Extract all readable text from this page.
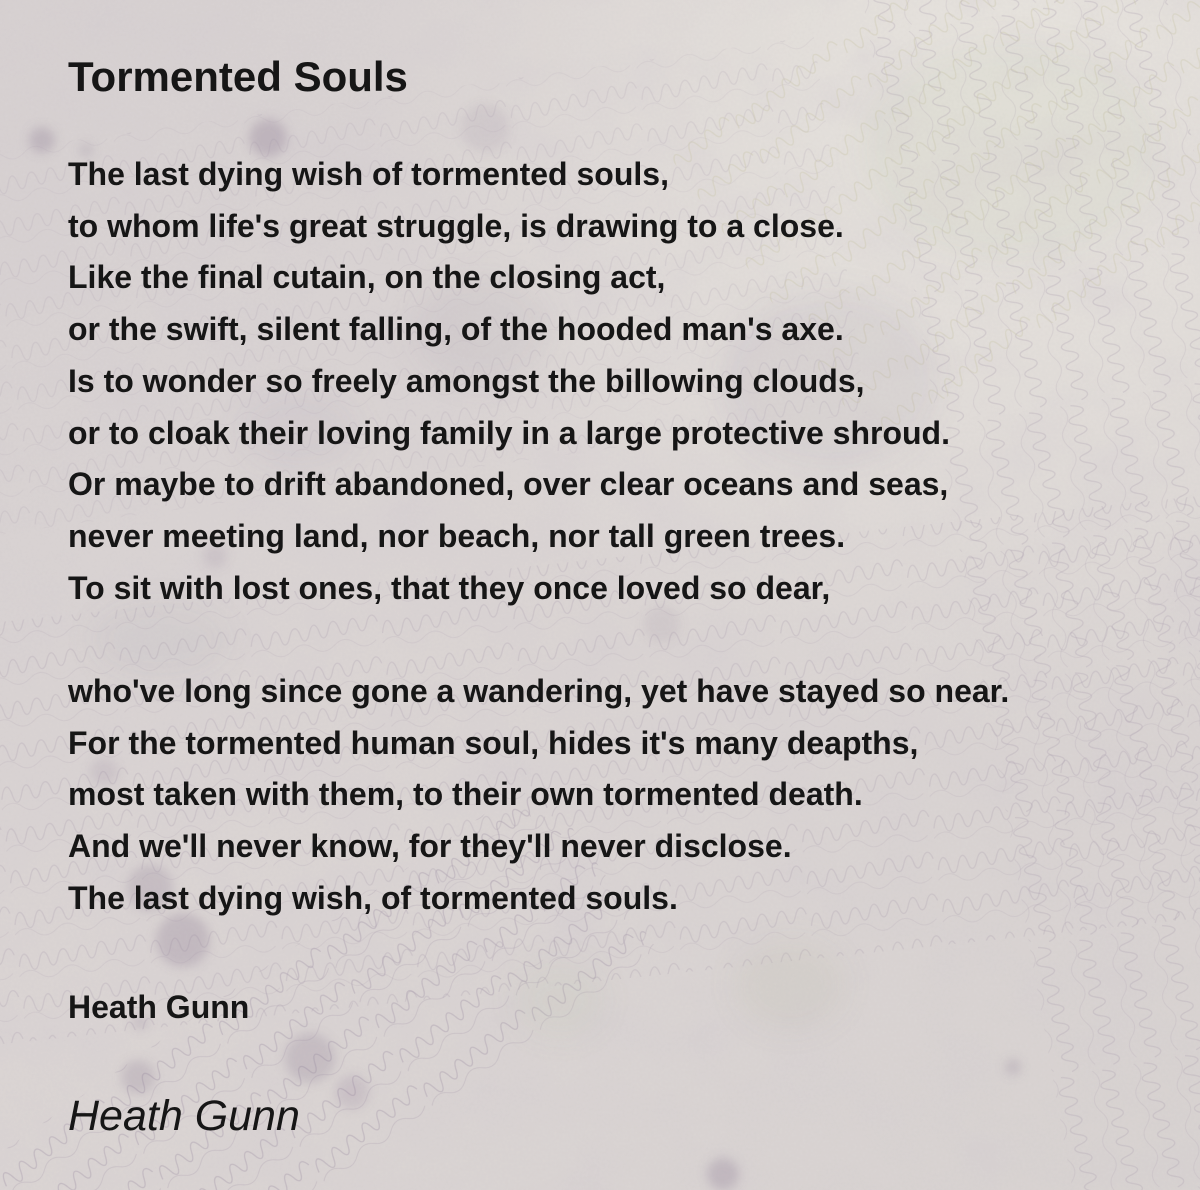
Tormented Souls
The last dying wish of tormented souls,
to whom life's great struggle, is drawing to a close.
Like the final cutain, on the closing act,
or the swift, silent falling, of the hooded man's axe.
Is to wonder so freely amongst the billowing clouds,
or to cloak their loving family in a large protective shroud.
Or maybe to drift abandoned, over clear oceans and seas,
never meeting land, nor beach, nor tall green trees.
To sit with lost ones, that they once loved so dear,

who've long since gone a wandering, yet have stayed so near.
For the tormented human soul, hides it's many deapths,
most taken with them, to their own tormented death.
And we'll never know, for they'll never disclose.
The last dying wish, of tormented souls.
Heath Gunn
Heath Gunn
